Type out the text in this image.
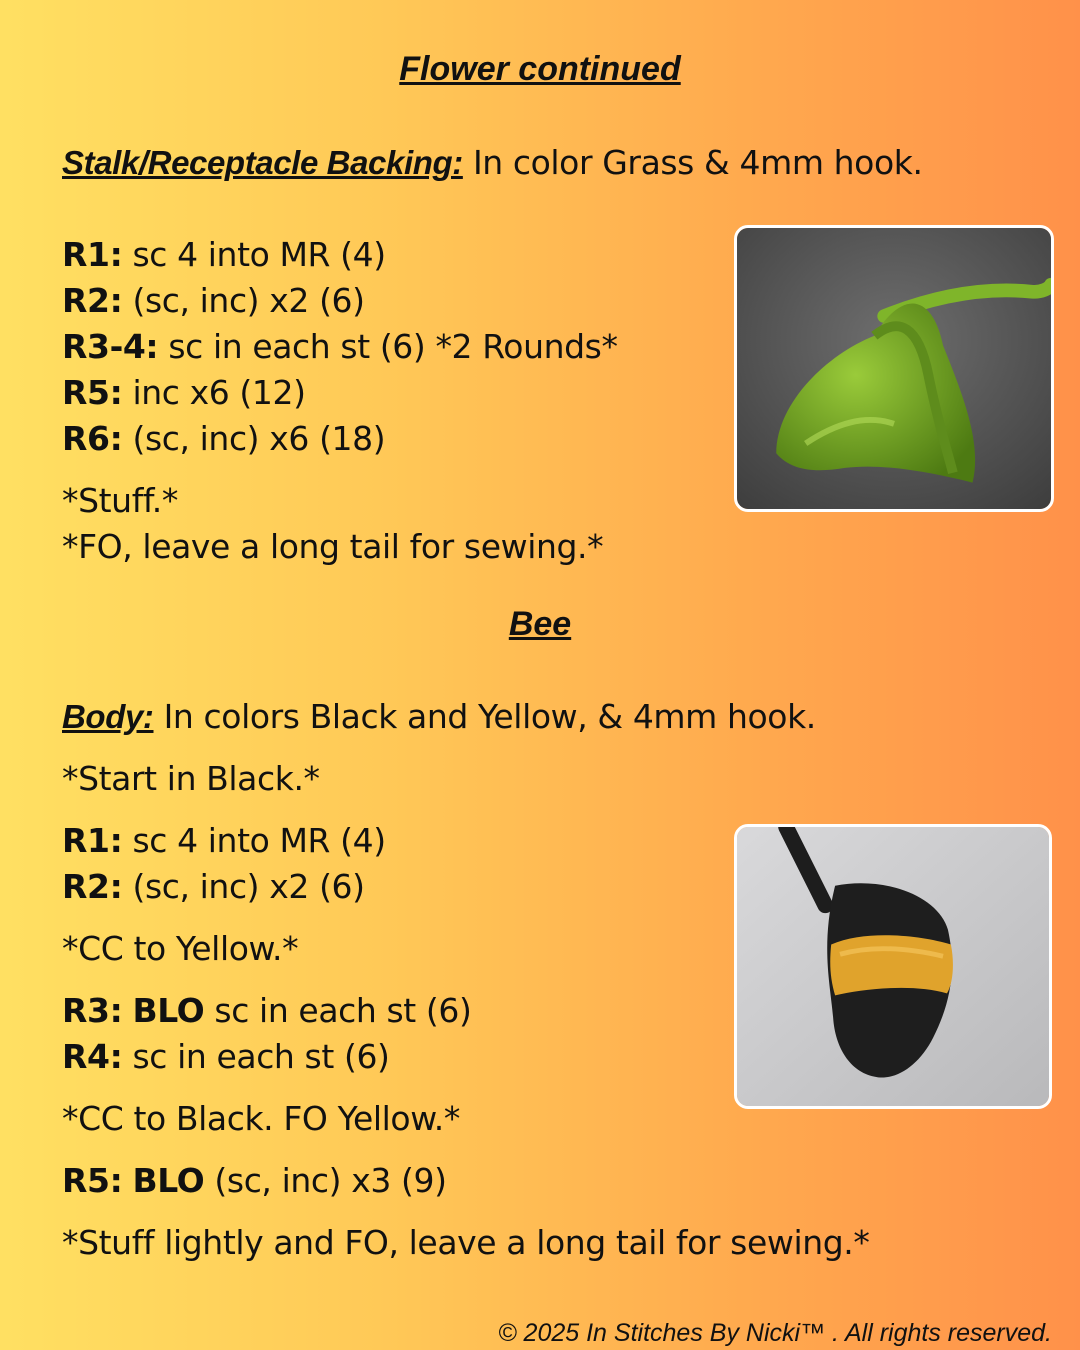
Flower continued
Stalk/Receptacle Backing: In color Grass & 4mm hook.
R1: sc 4 into MR (4)
R2: (sc, inc) x2 (6)
R3-4: sc in each st (6) *2 Rounds*
R5: inc x6 (12)
R6: (sc, inc) x6 (18)
*Stuff.*
*FO, leave a long tail for sewing.*
Bee
Body: In colors Black and Yellow, & 4mm hook.
*Start in Black.*
R1: sc 4 into MR (4)
R2: (sc, inc) x2 (6)
*CC to Yellow.*
R3: BLO sc in each st (6)
R4: sc in each st (6)
*CC to Black. FO Yellow.*
R5: BLO (sc, inc) x3 (9)
*Stuff lightly and FO, leave a long tail for sewing.*
© 2025 In Stitches By Nicki™ . All rights reserved.
